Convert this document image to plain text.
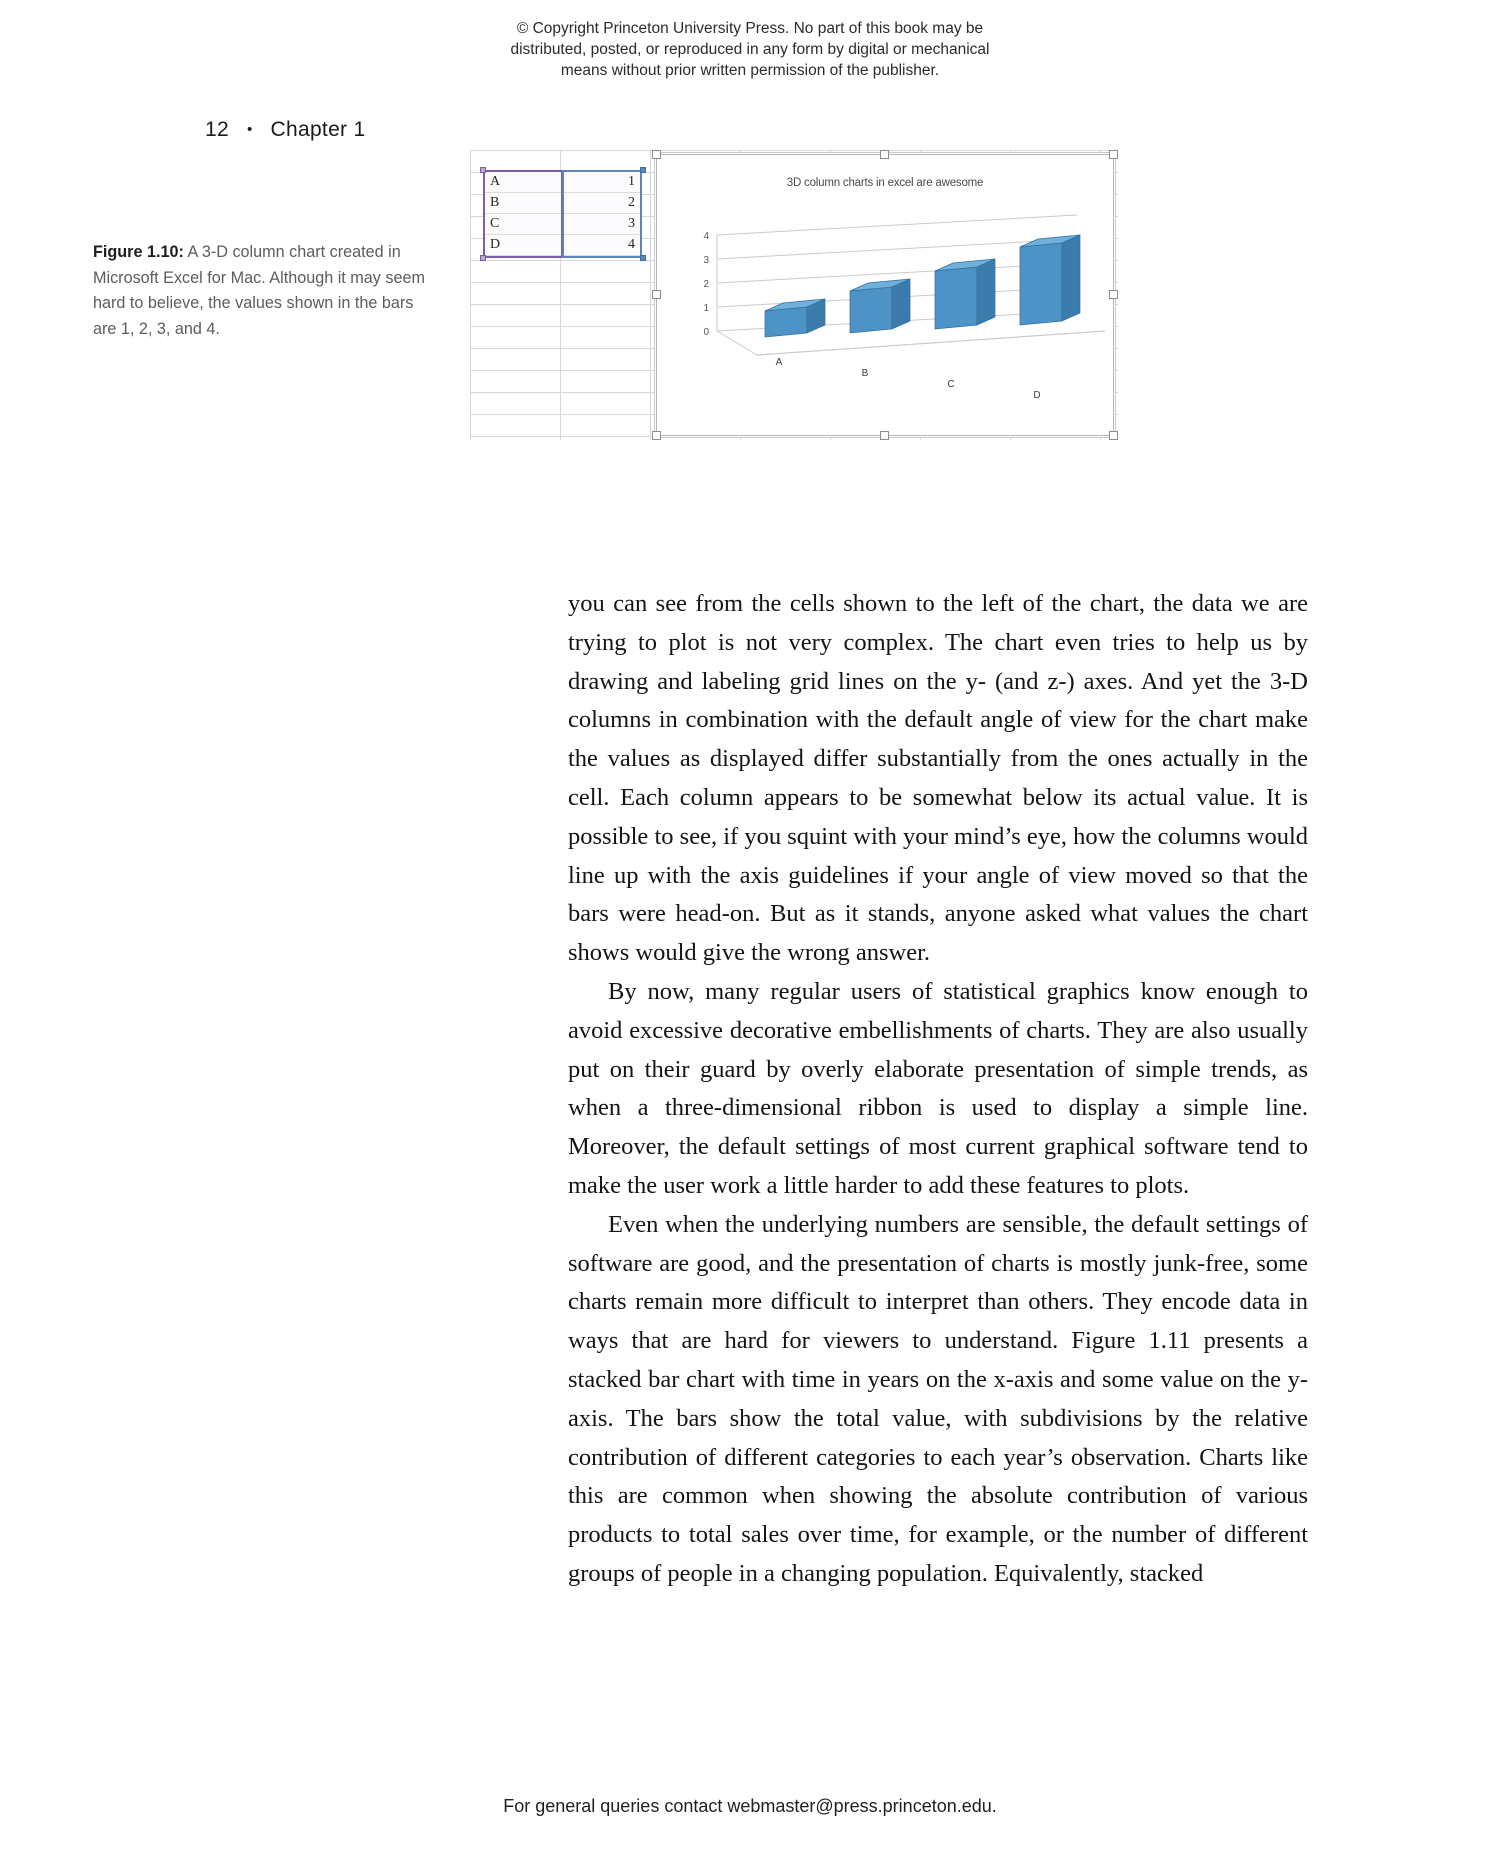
© Copyright Princeton University Press. No part of this book may be
distributed, posted, or reproduced in any form by digital or mechanical
means without prior written permission of the publisher.
12 • Chapter 1
Figure 1.10: A 3-D column chart created in Microsoft Excel for Mac. Although it may seem hard to believe, the values shown in the bars are 1, 2, 3, and 4.
A
B
C
D
1
2
3
4
3D column charts in excel are awesome
4
3
2
1
0
A
B
C
D

you can see from the cells shown to the left of the chart, the data we are trying to plot is not very complex. The chart even tries to help us by drawing and labeling grid lines on the y- (and z-) axes. And yet the 3-D columns in combination with the default angle of view for the chart make the values as displayed differ substantially from the ones actually in the cell. Each column appears to be somewhat below its actual value. It is possible to see, if you squint with your mind’s eye, how the columns would line up with the axis guidelines if your angle of view moved so that the bars were head-on. But as it stands, anyone asked what values the chart shows would give the wrong answer.

By now, many regular users of statistical graphics know enough to avoid excessive decorative embellishments of charts. They are also usually put on their guard by overly elaborate presentation of simple trends, as when a three-dimensional ribbon is used to display a simple line. Moreover, the default settings of most current graphical software tend to make the user work a little harder to add these features to plots.

Even when the underlying numbers are sensible, the default settings of software are good, and the presentation of charts is mostly junk-free, some charts remain more difficult to interpret than others. They encode data in ways that are hard for viewers to understand. Figure 1.11 presents a stacked bar chart with time in years on the x-axis and some value on the y-axis. The bars show the total value, with subdivisions by the relative contribution of different categories to each year’s observation. Charts like this are common when showing the absolute contribution of various products to total sales over time, for example, or the number of different groups of people in a changing population. Equivalently, stacked

For general queries contact webmaster@press.princeton.edu.
